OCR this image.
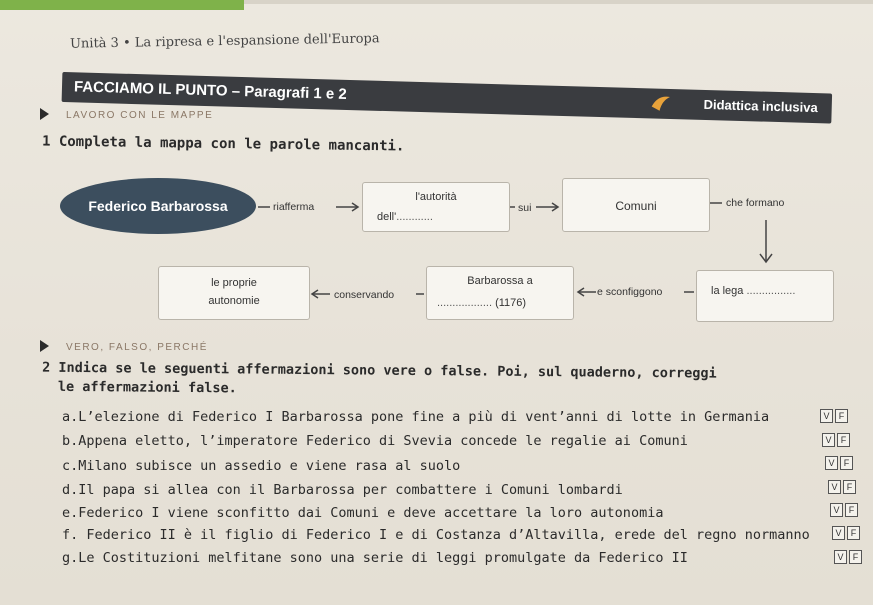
Unità 3 • La ripresa e l'espansione dell'Europa
FACCIAMO IL PUNTO – Paragrafi 1 e 2
Didattica inclusiva
LAVORO CON LE MAPPE
1 Completa la mappa con le parole mancanti.
Federico Barbarossa	riafferma
l'autorità
dell'............
sui	Comuni	che formano
la lega ................
e sconfiggono
Barbarossa a
.................. (1176)
conservando
le proprie
autonomie
VERO, FALSO, PERCHÉ
2 Indica se le seguenti affermazioni sono vere o false. Poi, sul quaderno, correggi
le affermazioni false.
a.L’elezione di Federico I Barbarossa pone fine a più di vent’anni di lotte in Germania
b.Appena eletto, l’imperatore Federico di Svevia concede le regalie ai Comuni
c.Milano subisce un assedio e viene rasa al suolo
d.Il papa si allea con il Barbarossa per combattere i Comuni lombardi
e.Federico I viene sconfitto dai Comuni e deve accettare la loro autonomia
f. Federico II è il figlio di Federico I e di Costanza d’Altavilla, erede del regno normanno
g.Le Costituzioni melfitane sono una serie di leggi promulgate da Federico II
V	F
V	F
V	F
V	F
V	F
V	F
V	F
